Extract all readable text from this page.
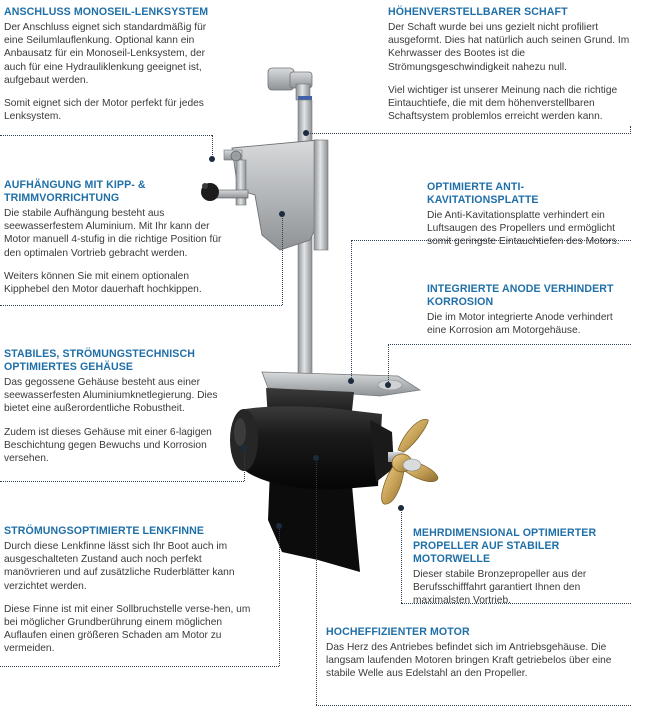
ANSCHLUSS MONOSEIL-LENKSYSTEM

Der Anschluss eignet sich standardmäßig für eine Seilumlauflenkung. Optional kann ein Anbausatz für ein Monoseil-Lenksystem, der auch für eine Hydrauliklenkung geeignet ist, aufgebaut werden.

Somit eignet sich der Motor perfekt für jedes Lenksystem.

HÖHENVERSTELLBARER SCHAFT

Der Schaft wurde bei uns gezielt nicht profiliert ausgeformt. Dies hat natürlich auch seinen Grund. Im Kehrwasser des Bootes ist die Strömungsgeschwindigkeit nahezu null.

Viel wichtiger ist unserer Meinung nach die richtige Eintauchtiefe, die mit dem höhenverstellbaren Schaftsystem problemlos erreicht werden kann.

AUFHÄNGUNG MIT KIPP- &
TRIMMVORRICHTUNG

Die stabile Aufhängung besteht aus seewasserfestem Aluminium. Mit Ihr kann der Motor manuell 4-stufig in die richtige Position für den optimalen Vortrieb gebracht werden.

Weiters können Sie mit einem optionalen Kipphebel den Motor dauerhaft hochkippen.

OPTIMIERTE ANTI-KAVITATIONSPLATTE

Die Anti-Kavitationsplatte verhindert ein Luftsaugen des Propellers und ermöglicht somit geringste Eintauchtiefen des Motors.

INTEGRIERTE ANODE VERHINDERT
KORROSION

Die im Motor integrierte Anode verhindert eine Korrosion am Motorgehäuse.

STABILES, STRÖMUNGSTECHNISCH
OPTIMIERTES GEHÄUSE

Das gegossene Gehäuse besteht aus einer seewasserfesten Aluminiumknetlegierung. Dies bietet eine außerordentliche Robustheit.

Zudem ist dieses Gehäuse mit einer 6-lagigen Beschichtung gegen Bewuchs und Korrosion versehen.

STRÖMUNGSOPTIMIERTE LENKFINNE

Durch diese Lenkfinne lässt sich Ihr Boot auch im ausgeschalteten Zustand auch noch perfekt manövrieren und auf zusätzliche Ruderblätter kann verzichtet werden.

Diese Finne ist mit einer Sollbruchstelle verse-hen, um bei möglicher Grundberührung einem möglichen Auflaufen einen größeren Schaden am Motor zu vermeiden.

MEHRDIMENSIONAL OPTIMIERTER
PROPELLER AUF STABILER MOTORWELLE

Dieser stabile Bronzepropeller aus der Berufsschifffahrt garantiert Ihnen den maximalsten Vortrieb.

HOCHEFFIZIENTER MOTOR

Das Herz des Antriebes befindet sich im Antriebsgehäuse. Die langsam laufenden Motoren bringen Kraft getriebelos über eine stabile Welle aus Edelstahl an den Propeller.
